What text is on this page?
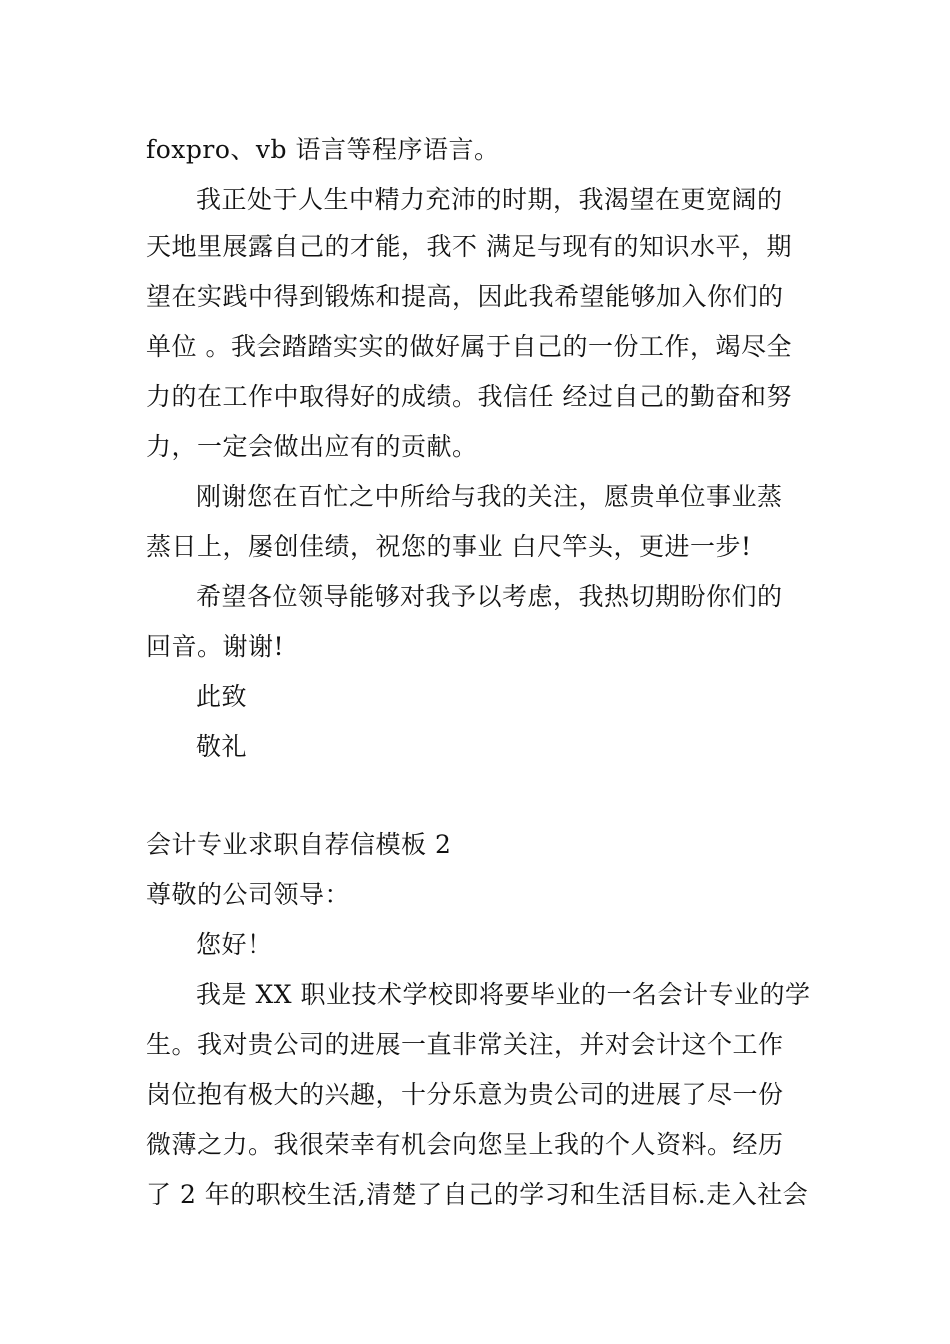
foxpro、vb 语言等程序语言。
我正处于人生中精力充沛的时期，我渴望在更宽阔的
天地里展露自己的才能，我不 满足与现有的知识水平，期
望在实践中得到锻炼和提高，因此我希望能够加入你们的
单位 。我会踏踏实实的做好属于自己的一份工作，竭尽全
力的在工作中取得好的成绩。我信任 经过自己的勤奋和努
力，一定会做出应有的贡献。
刚谢您在百忙之中所给与我的关注，愿贵单位事业蒸
蒸日上，屡创佳绩，祝您的事业 白尺竿头，更进一步!
希望各位领导能够对我予以考虑，我热切期盼你们的
回音。谢谢!
此致
敬礼
会计专业求职自荐信模板 2
尊敬的公司领导：
您好！
我是 XX 职业技术学校即将要毕业的一名会计专业的学
生。我对贵公司的进展一直非常关注，并对会计这个工作
岗位抱有极大的兴趣，十分乐意为贵公司的进展了尽一份
微薄之力。我很荣幸有机会向您呈上我的个人资料。经历
了 2 年的职校生活,清楚了自己的学习和生活目标.走入社会
